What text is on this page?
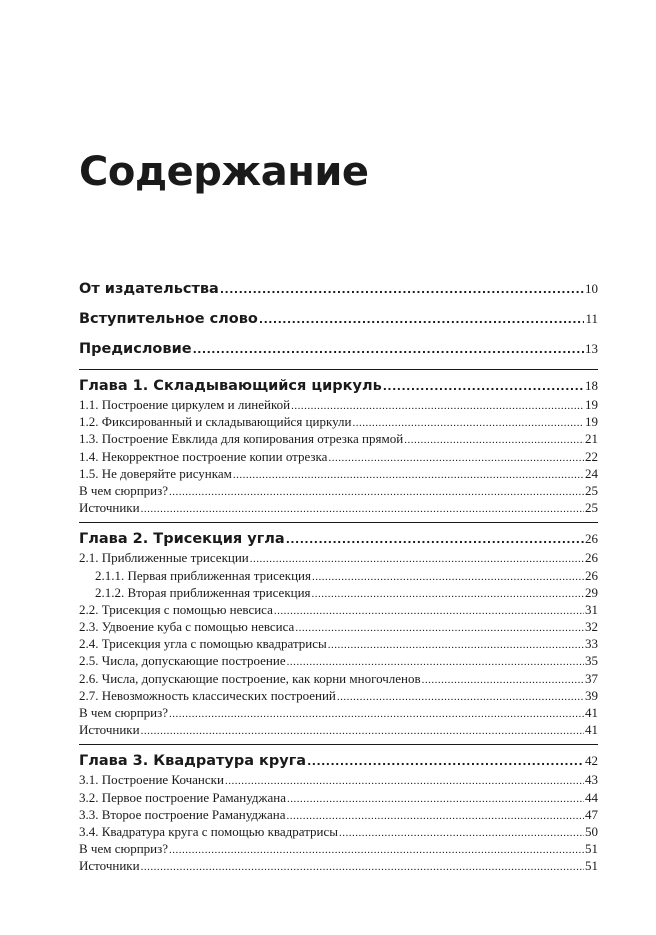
Содержание
От издательства .....	10
Вступительное слово .....	11
Предисловие .....	13
Глава 1. Складывающийся циркуль .....	18
1.1. Построение циркулем и линейкой .....	19
1.2. Фиксированный и складывающийся циркули .....	19
1.3. Построение Евклида для копирования отрезка прямой .....	21
1.4. Некорректное построение копии отрезка .....	22
1.5. Не доверяйте рисункам .....	24
В чем сюрприз? .....	25
Источники .....	25
Глава 2. Трисекция угла .....	26
2.1. Приближенные трисекции .....	26
2.1.1. Первая приближенная трисекция .....	26
2.1.2. Вторая приближенная трисекция .....	29
2.2. Трисекция с помощью невсиса .....	31
2.3. Удвоение куба с помощью невсиса .....	32
2.4. Трисекция угла с помощью квадратрисы .....	33
2.5. Числа, допускающие построение .....	35
2.6. Числа, допускающие построение, как корни многочленов .....	37
2.7. Невозможность классических построений .....	39
В чем сюрприз? .....	41
Источники .....	41
Глава 3. Квадратура круга .....	42
3.1. Построение Кочански .....	43
3.2. Первое построение Рамануджана .....	44
3.3. Второе построение Рамануджана .....	47
3.4. Квадратура круга с помощью квадратрисы .....	50
В чем сюрприз? .....	51
Источники .....	51
